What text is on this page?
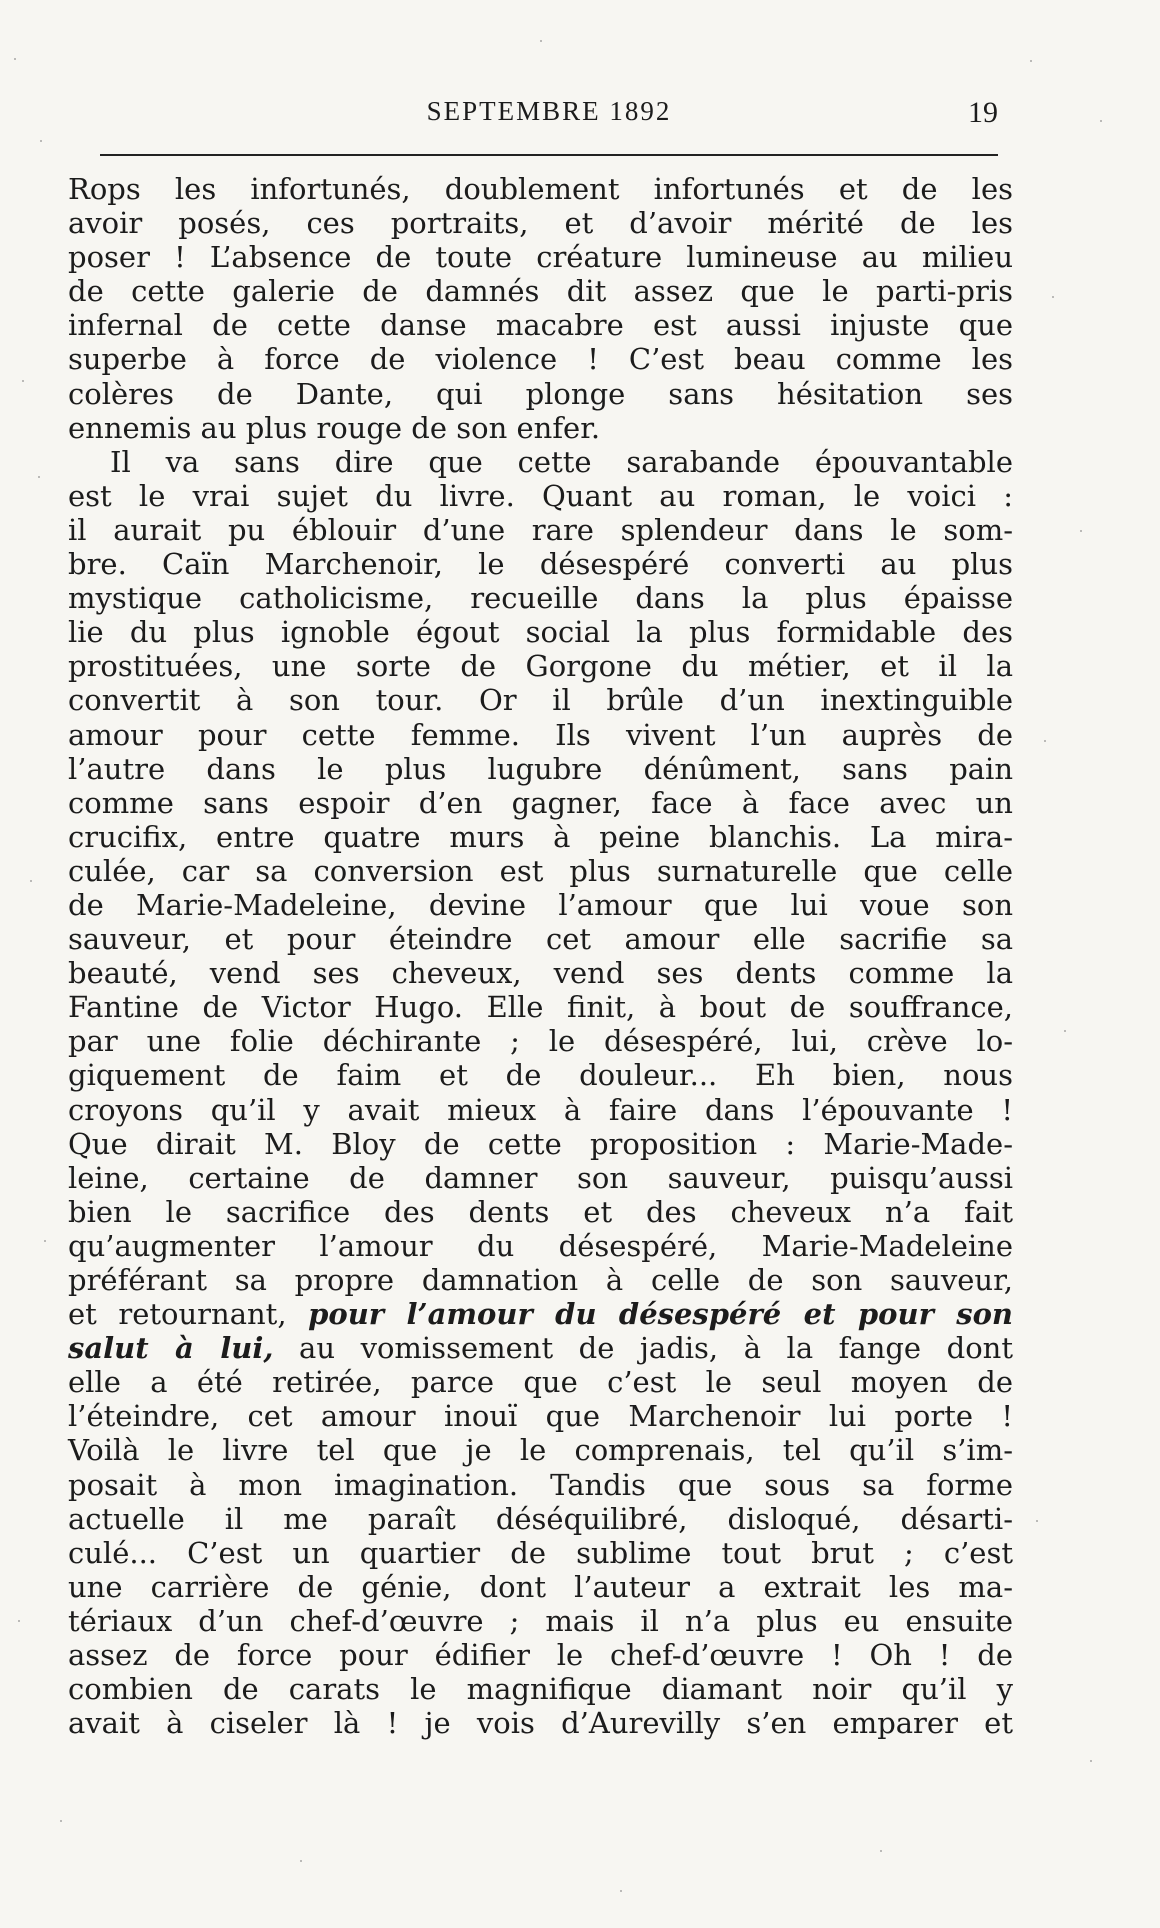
SEPTEMBRE 1892	19
Rops les infortunés, doublement infortunés et de les
avoir posés, ces portraits, et d’avoir mérité de les
poser ! L’absence de toute créature lumineuse au milieu
de cette galerie de damnés dit assez que le parti-pris
infernal de cette danse macabre est aussi injuste que
superbe à force de violence ! C’est beau comme les
colères de Dante, qui plonge sans hésitation ses
ennemis au plus rouge de son enfer.
Il va sans dire que cette sarabande épouvantable
est le vrai sujet du livre. Quant au roman, le voici :
il aurait pu éblouir d’une rare splendeur dans le som-
bre. Caïn Marchenoir, le désespéré converti au plus
mystique catholicisme, recueille dans la plus épaisse
lie du plus ignoble égout social la plus formidable des
prostituées, une sorte de Gorgone du métier, et il la
convertit à son tour. Or il brûle d’un inextinguible
amour pour cette femme. Ils vivent l’un auprès de
l’autre dans le plus lugubre dénûment, sans pain
comme sans espoir d’en gagner, face à face avec un
crucifix, entre quatre murs à peine blanchis. La mira-
culée, car sa conversion est plus surnaturelle que celle
de Marie-Madeleine, devine l’amour que lui voue son
sauveur, et pour éteindre cet amour elle sacrifie sa
beauté, vend ses cheveux, vend ses dents comme la
Fantine de Victor Hugo. Elle finit, à bout de souffrance,
par une folie déchirante ; le désespéré, lui, crève lo-
giquement de faim et de douleur... Eh bien, nous
croyons qu’il y avait mieux à faire dans l’épouvante !
Que dirait M. Bloy de cette proposition : Marie-Made-
leine, certaine de damner son sauveur, puisqu’aussi
bien le sacrifice des dents et des cheveux n’a fait
qu’augmenter l’amour du désespéré, Marie-Madeleine
préférant sa propre damnation à celle de son sauveur,
et retournant, pour l’amour du désespéré et pour son
salut à lui, au vomissement de jadis, à la fange dont
elle a été retirée, parce que c’est le seul moyen de
l’éteindre, cet amour inouï que Marchenoir lui porte !
Voilà le livre tel que je le comprenais, tel qu’il s’im-
posait à mon imagination. Tandis que sous sa forme
actuelle il me paraît déséquilibré, disloqué, désarti-
culé... C’est un quartier de sublime tout brut ; c’est
une carrière de génie, dont l’auteur a extrait les ma-
tériaux d’un chef-d’œuvre ; mais il n’a plus eu ensuite
assez de force pour édifier le chef-d’œuvre ! Oh ! de
combien de carats le magnifique diamant noir qu’il y
avait à ciseler là ! je vois d’Aurevilly s’en emparer et
